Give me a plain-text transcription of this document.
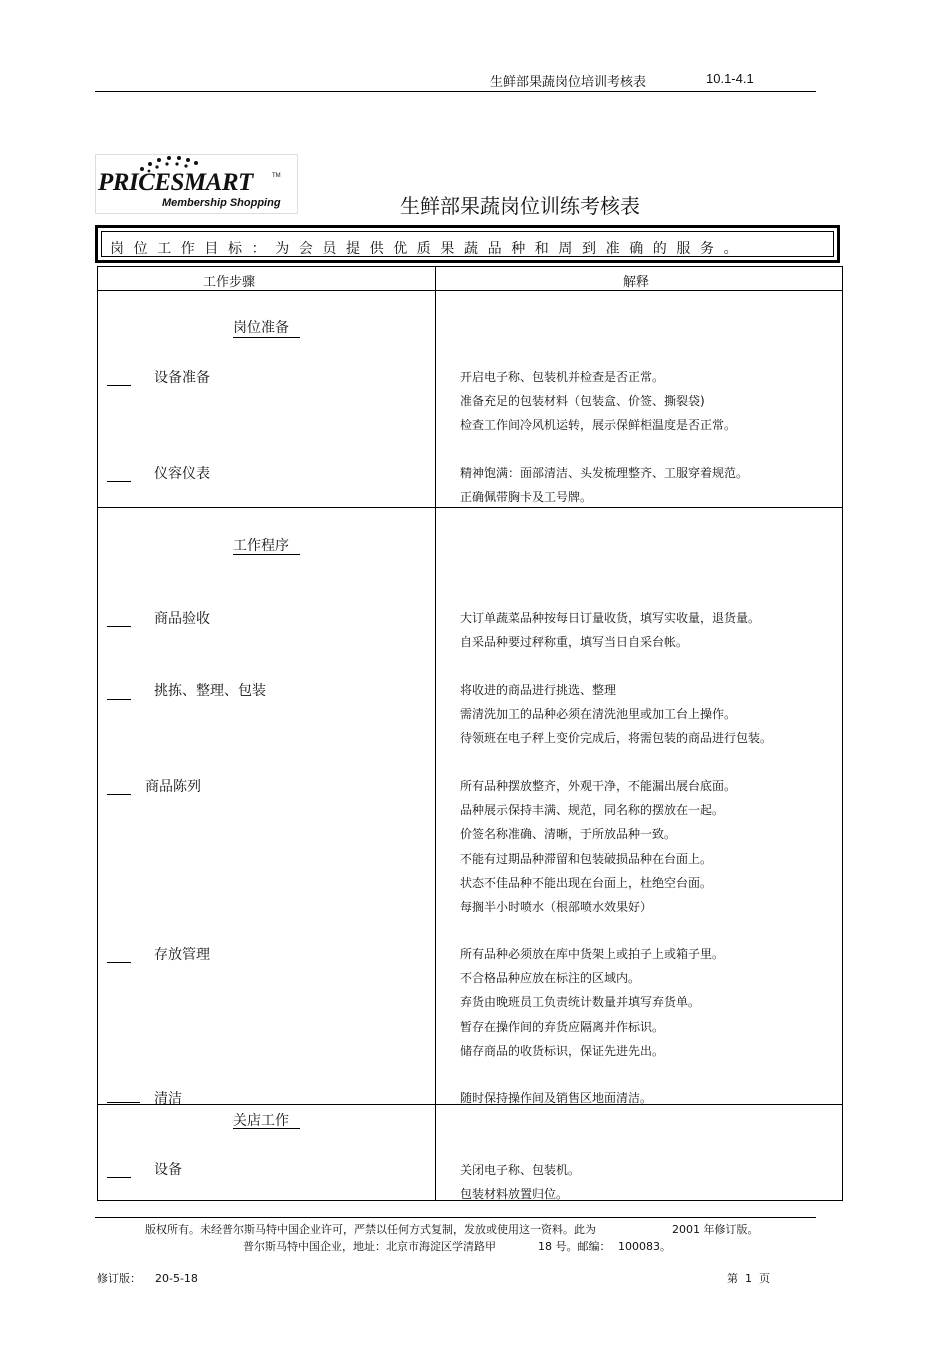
生鲜部果蔬岗位培训考核表	10.1-4.1
PRICESMART	TM
Membership Shopping	生鲜部果蔬岗位训练考核表
岗位工作目标：为会员提供优质果蔬品种和周到准确的服务。
工作步骤	解释
岗位准备
设备准备	开启电子称、包装机并检查是否正常。
准备充足的包装材料（包装盒、价签、撕裂袋)
检查工作间冷风机运转，展示保鲜柜温度是否正常。
仪容仪表	精神饱满：面部清洁、头发梳理整齐、工服穿着规范。
正确佩带胸卡及工号牌。
工作程序
商品验收	大订单蔬菜品种按每日订量收货，填写实收量，退货量。
自采品种要过秤称重，填写当日自采台帐。
挑拣、整理、包装	将收进的商品进行挑选、整理
需清洗加工的品种必须在清洗池里或加工台上操作。
待领班在电子秤上变价完成后，将需包装的商品进行包装。
商品陈列	所有品种摆放整齐，外观干净，不能漏出展台底面。
品种展示保持丰满、规范，同名称的摆放在一起。
价签名称准确、清晰，于所放品种一致。
不能有过期品种滞留和包装破损品种在台面上。
状态不佳品种不能出现在台面上，杜绝空台面。
每搁半小时喷水（根部喷水效果好）
存放管理	所有品种必须放在库中货架上或拍子上或箱子里。
不合格品种应放在标注的区域内。
弃货由晚班员工负责统计数量并填写弃货单。
暂存在操作间的弃货应隔离并作标识。
储存商品的收货标识，保证先进先出。
清洁	随时保持操作间及销售区地面清洁。
关店工作
设备	关闭电子称、包装机。
包装材料放置归位。
版权所有。未经普尔斯马特中国企业许可，严禁以任何方式复制，发放或使用这一资料。此为	2001 年修订版。
普尔斯马特中国企业，地址：北京市海淀区学清路甲	18 号。邮编： 100083。
修订版：    20-5-18	第  1  页
